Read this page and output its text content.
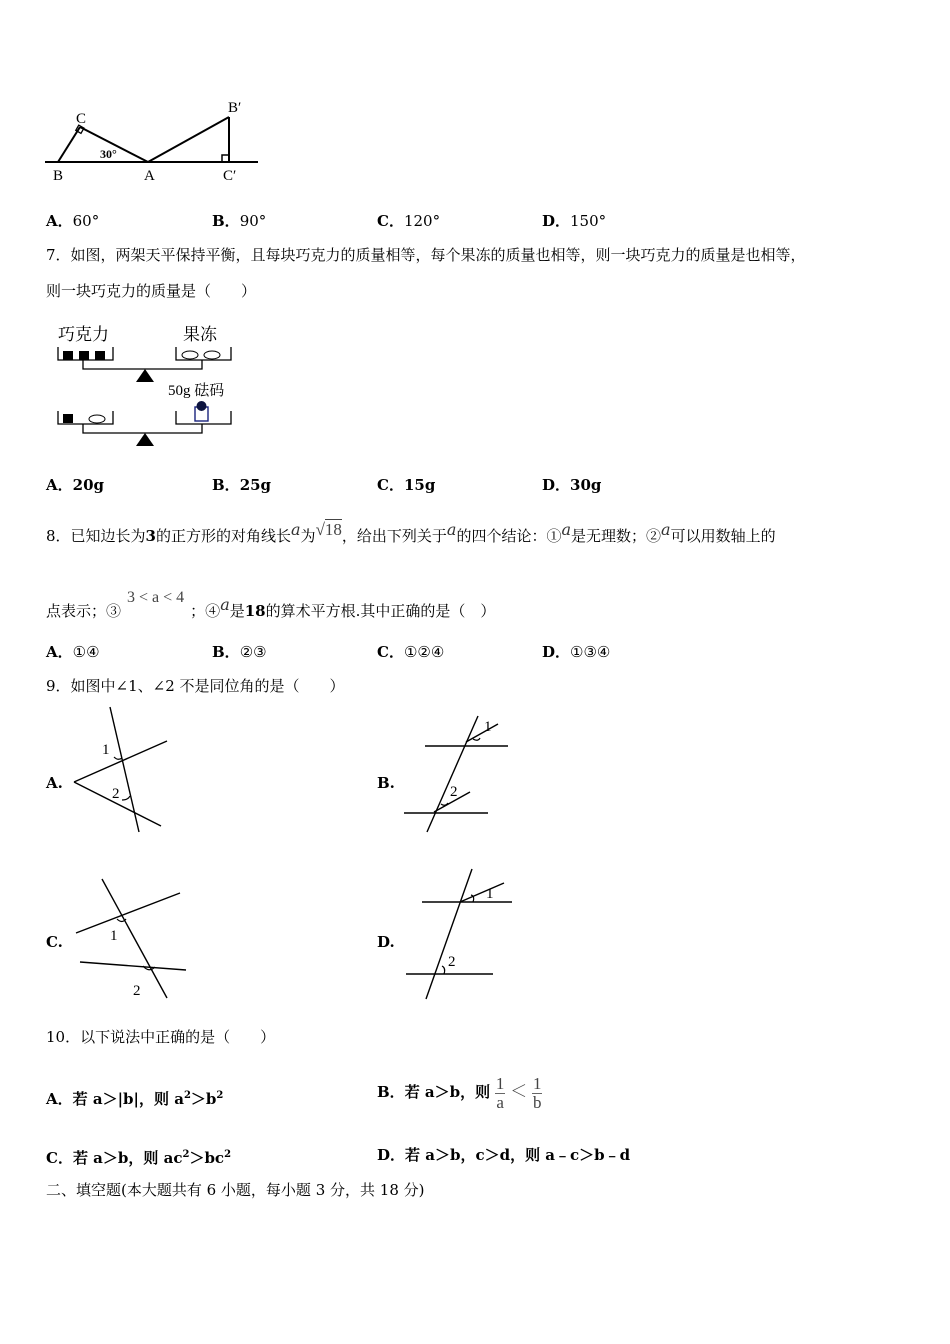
C
B	A
B′
C′
30°
A．60°	B．90°	C．120°	D．150°
7．如图，两架天平保持平衡，且每块巧克力的质量相等，每个果冻的质量也相等，则一块巧克力的质量是也相等，
则一块巧克力的质量是（　　）
巧克力	果冻
50g 砝码
A．20g	B．25g	C．15g	D．30g
8．已知边长为3的正方形的对角线长$^a$为√18，给出下列关于$^a$的四个结论：①$^a$是无理数；②$^a$可以用数轴上的
点表示；③3 < a < 4；④$^a$是18的算术平方根.其中正确的是（　）
A．①④	B．②③	C．①②④	D．①③④
9．如图中∠1、∠2 不是同位角的是（　　）
A.
1
2
B.
1
2
C.	1
2
D.
1
2
10．以下说法中正确的是（　　）
A．若 a＞|b|，则 $a^2>b^2$	B．若 a＞b，则 $\frac{1}{a} < \frac{1}{b}$
C．若 a＞b，则 $ac^2>bc^2$	D．若 a＞b，c＞d，则 a﹣c＞b﹣d
二、填空题(本大题共有 6 小题，每小题 3 分，共 18 分)
